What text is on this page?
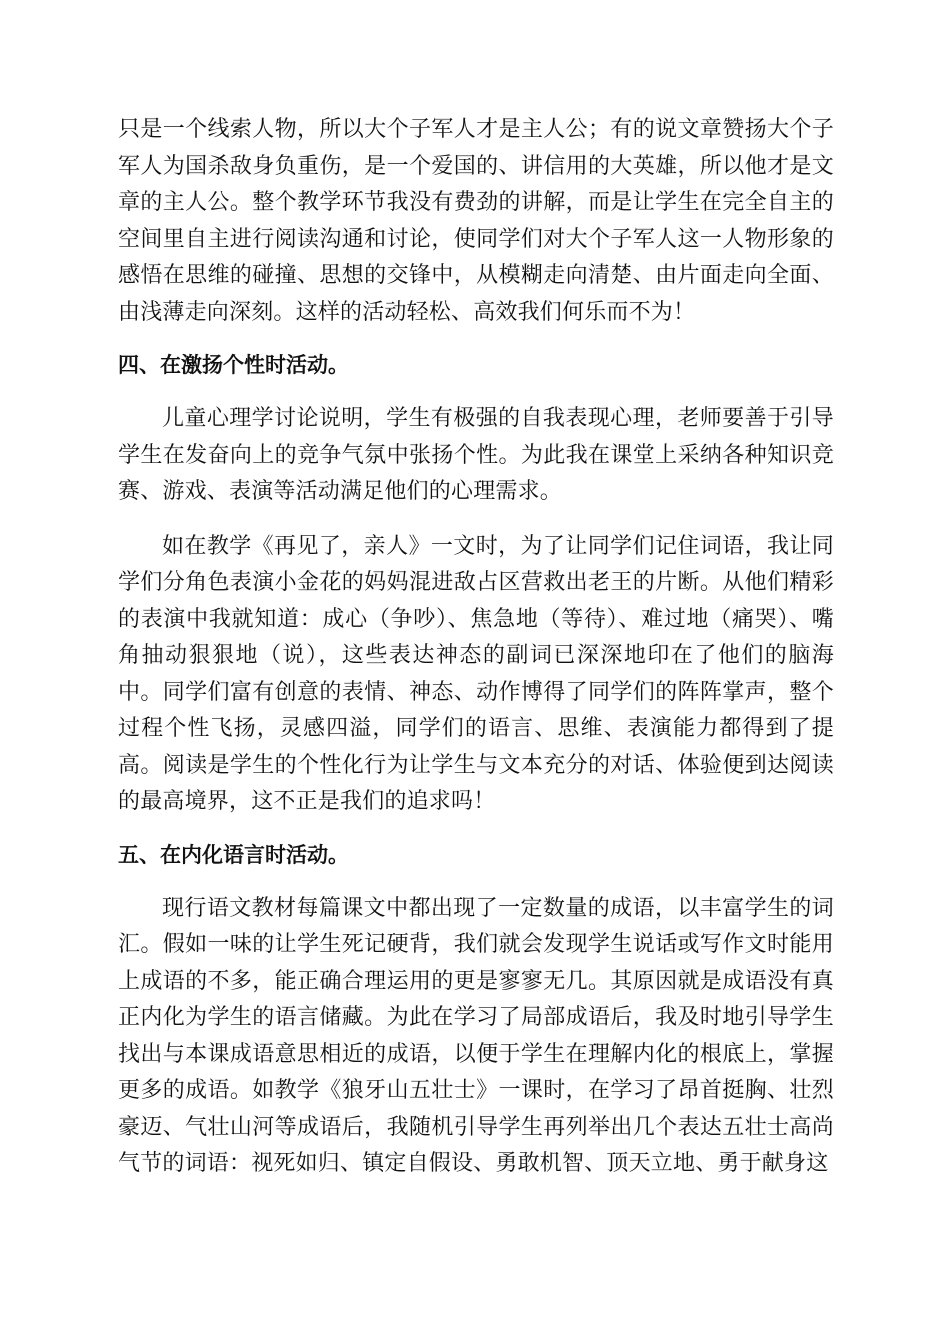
只是一个线索人物，所以大个子军人才是主人公；有的说文章赞扬大个子军人为国杀敌身负重伤，是一个爱国的、讲信用的大英雄，所以他才是文章的主人公。整个教学环节我没有费劲的讲解，而是让学生在完全自主的空间里自主进行阅读沟通和讨论，使同学们对大个子军人这一人物形象的感悟在思维的碰撞、思想的交锋中，从模糊走向清楚、由片面走向全面、由浅薄走向深刻。这样的活动轻松、高效我们何乐而不为！

四、在激扬个性时活动。

儿童心理学讨论说明，学生有极强的自我表现心理，老师要善于引导学生在发奋向上的竞争气氛中张扬个性。为此我在课堂上采纳各种知识竞赛、游戏、表演等活动满足他们的心理需求。

如在教学《再见了，亲人》一文时，为了让同学们记住词语，我让同学们分角色表演小金花的妈妈混进敌占区营救出老王的片断。从他们精彩的表演中我就知道：成心（争吵）、焦急地（等待）、难过地（痛哭）、嘴角抽动狠狠地（说），这些表达神态的副词已深深地印在了他们的脑海中。同学们富有创意的表情、神态、动作博得了同学们的阵阵掌声，整个过程个性飞扬，灵感四溢，同学们的语言、思维、表演能力都得到了提高。阅读是学生的个性化行为让学生与文本充分的对话、体验便到达阅读的最高境界，这不正是我们的追求吗！

五、在内化语言时活动。

现行语文教材每篇课文中都出现了一定数量的成语，以丰富学生的词汇。假如一味的让学生死记硬背，我们就会发现学生说话或写作文时能用上成语的不多，能正确合理运用的更是寥寥无几。其原因就是成语没有真正内化为学生的语言储藏。为此在学习了局部成语后，我及时地引导学生找出与本课成语意思相近的成语，以便于学生在理解内化的根底上，掌握更多的成语。如教学《狼牙山五壮士》一课时，在学习了昂首挺胸、壮烈豪迈、气壮山河等成语后，我随机引导学生再列举出几个表达五壮士高尚气节的词语：视死如归、镇定自假设、勇敢机智、顶天立地、勇于献身这
